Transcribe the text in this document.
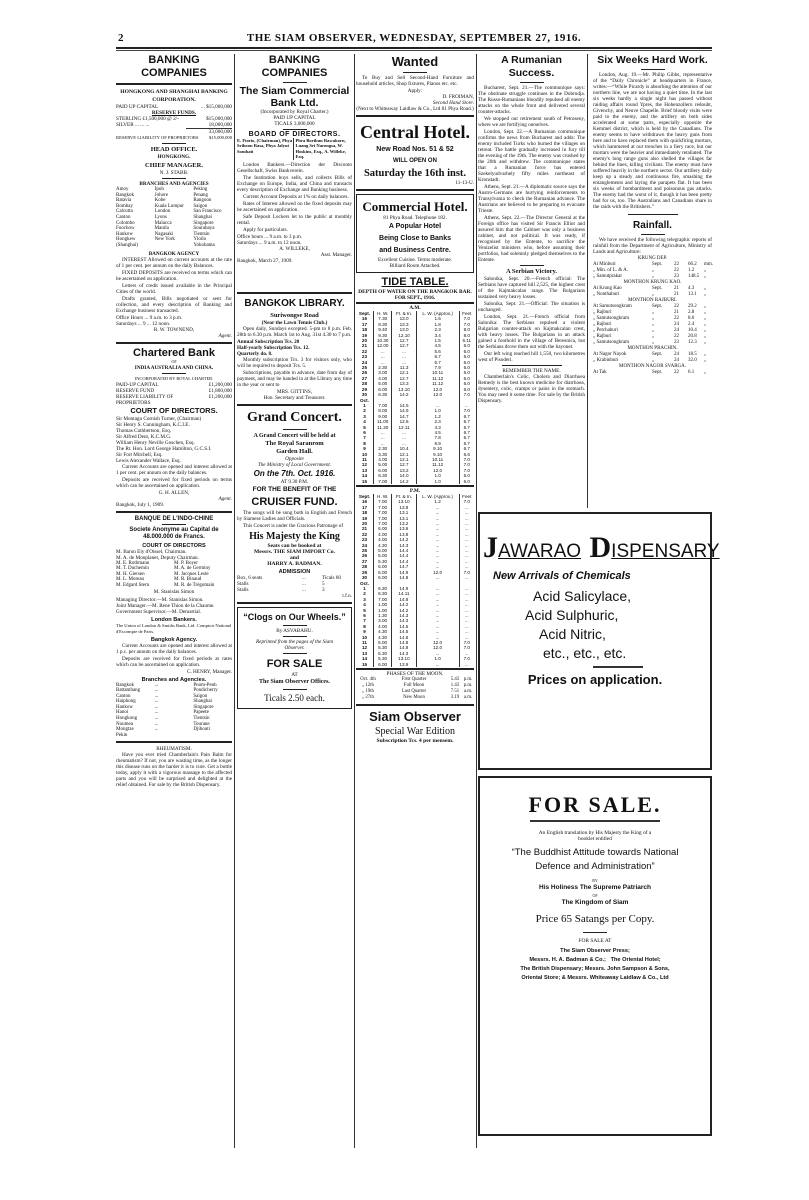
2	THE SIAM OBSERVER, WEDNESDAY, SEPTEMBER 27, 1916.
BANKING COMPANIES
HONGKONG AND SHANGHAI BANKING CORPORATION.
PAID UP CAPITAL	... $15,000,000
RESERVE FUNDS.
STERLING £1,500,000 @ 2/-	$15,000,000
SILVER ... ... ...	18,000,000
33,000,000
RESERVE LIABILITY OF PROPRIETORS $15,000,000
HEAD OFFICE.
HONGKONG.
CHIEF MANAGER.
N. J. STABB.
BRANCHES AND AGENCIES
Amoy	Ipoh	Peking
Bangkok	Johore	Penang
Batavia	Kobe	Rangoon
Bombay	Kuala Lumpur	Saigon
Calcutta	London	San Francisco
Canton	Lyons	Shanghai
Colombo	Malacca	Singapore
Foochow	Manila	Sourabaya
Hankow	Nagasaki	Tientsin
Hongkew	New York	Yloilo
(Shanghai)	Yokohama
BANGKOK AGENCY
INTEREST Allowed on current accounts at the rate of 1 per cent. per annum on the daily Balances.
FIXED DEPOSITS are received on terms which can be ascertained on application.
Letters of credit issued available in the Principal Cities of the world.
Drafts granted, Bills negotiated or sent for collection, and every description of Banking and Exchange business transacted.
Office Hours ... 9 a.m. to 3 p.m.
Saturdays ... 9 ... 12 noon.
R. W. TOWNEND,
Agent.
Chartered Bank
OF
INDIA AUSTRALIA AND CHINA.
INCORPORATED BY ROYAL CHARTER.
PAID-UP CAPITAL	£1,200,000
RESERVE FUND	£1,800,000
RESERVE LIABILITY OF PROPRIETORS
£1,200,000
COURT OF DIRECTORS.
Sir Montagu Cornish Turner, (Chairman)
Sir Henry S. Cunningham, K.C.I.E.
Thomas Cuthbertson, Esq.
Sir Alfred Dent, K.C.M.G.
William Henry Neville Goschen, Esq.
The Rt. Hon. Lord George Hamilton, G.C.S.I.
Sir Fort Mitchell, Esq.
Lewis Alexander Wallace, Esq.
Current Accounts are opened and interest allowed at 1 per cent. per annum on the daily balances.
Deposits are received for fixed periods on terms which can be ascertained on application.
G. H. ALLEN,
Agent.
Bangkok, July 1, 1909.
BANQUE DE L'INDO-CHINE
Societe Anonyme au Capital de 48.000.000 de Francs.
COURT OF DIRECTORS
M. Baron Ely d'Oissel, Chairman.
M. A. de Monplanet, Deputy Chairman.
M. E. Rothmann	M. P. Boyer
M. T. Duchemin	M. A. de Germiny
M. H. Giersen	M. Jacques Leste
M. L. Moreau	M. R. Binaud
M. Edgard Stern	M. R. de Trégomain
M. Stanislas Simon
Managing Director.—M. Stanislas Simon.
Joint Manager.—M. Rene Thion de la Chaume.
Government Supervisor.—M. Demartial.
London Bankers.
The Union of London & Smiths Bank, Ltd. Comptoir National d'Escompte de Paris.
Bangkok Agency.
Current Accounts are opened and interest allowed at 1 p.c. per annum on the daily balances.
Deposits are received for fixed periods at rates which can be ascertained on application.
C. HENRY, Manager.
Branches and Agencies.
Bangkok	...	Pnom-Penh
Battambang	...	Pondicherry
Canton	...	Saigon
Haiphong	...	Shanghai
Hankow	...	Singapore
Hanoi	...	Papeete
Hongkong	...	Tientsin
Noumea	...	Tourane
Mongtze	...	Djibouti
Pekin
RHEUMATISM.
Have you ever tried Chamberlain's Pain Balm for rheumatism? If not, you are wasting time, as the longer this disease runs on the harder it is to cure. Get a bottle today, apply it with a vigorous massage to the affected parts and you will be surprised and delighted at the relief obtained. For sale by the British Dispensary.
BANKING COMPANIES
The Siam Commercial Bank Ltd.
(Incorporated by Royal Charter.)
PAID UP CAPITAL
TICALS 3,000,000
BOARD OF DIRECTORS.
E. Fiorio, (Chairman), Phya Sriboon Rasa, Phya Jalyut Sombati
Phra Boribun Rawakorn, Luang Sri Narongsa, W. Hoskins, Esq., A. Willeke, Esq.
London Bankers.—Direction der Disconto Gesellschaft, Swiss Bankverein.
The Institution buys sells, and collects Bills of Exchange on Europe, India, and China and transacts every description of Exchange and Banking business.
Current Account Deposits at 1% on daily balances.
Rates of Interest allowed on the fixed deposits may be ascertained on application.
Safe Deposit Lockers let to the public at monthly rental.
Apply for particulars.
Office hours ... 9 a.m. to 3 p.m.
Saturdays ... 9 a.m. to 12 noon.
A. WILLEKE,
Asst. Manager.
Bangkok, March 27, 1909.
BANGKOK LIBRARY.
Suriwongse Road
(Near the Lawn Tennis Club.)
Open daily, Sundays excepted. 5-pm to 8 p.m. Feb. 28th to 6.30 p.m. March 1st to Aug. 31st 4.30 to 7 p.m.
Annual Subscription Tcs. 20
Half-yearly Subscription Tcs. 12.
Quarterly do. 8.
Monthly subscription Tcs. 3 for visitors only, who will be required to deposit Tcs. 5.
Subscriptions, payable in advance, date from day of payment, and may be handed in at the Library any time in the year or sent to
MRS. GITTINS,
Hon. Secretary and Treasurer.
Grand Concert.
A Grand Concert will be held at
The Royal Saranrom
Garden Hall.
Opposite
The Ministry of Local Government.
On the 7th. Oct. 1916.
AT 9.30 P.M.
FOR THE BENEFIT OF THE
CRUISER FUND.
The songs will be sung both in English and French by Siamese Ladies and Officials.
This Concert is under the Gracious Patronage of
His Majesty the King
Seats can be booked at
Messrs. THE SIAM IMPORT Co.
and
HARRY A. BADMAN.
ADMISSION
Box, 6 seats	...	Ticals 60
Stalls	...	5
Stalls	...	3
t.f.n.
“Clogs on Our Wheels.”
By ASVABAHU.
Reprinted from the pages of the Siam Observer.
FOR SALE
AT
The Siam Observer Offices.
Ticals 2.50 each.
Wanted
To Buy and Sell Second-Hand Furniture and household articles, Shop fixtures, Pianos etc. etc.
Apply:
D. FROIMAN,
Second Hand Store.
(Next to Whiteaway Laidlaw & Co., Ltd 81 Phya Road.)
Central Hotel.
New Road Nos. 51 & 52
WILL OPEN ON
Saturday the 16th inst.
11-13-U.
Commercial Hotel.
81 Phya Road. Telephone 182.
A Popular Hotel
Being Close to Banks
and Business Centre.
Excellent Cuisine. Terms moderate.
Billiard Room Attached.
TIDE TABLE.
DEPTH OF WATER ON THE BANGKOK BAR.
FOR SEPT., 1916.
A.M.
Sept.	H. W.	Ft. & In.	L. W. (Approx.)	Feet
16	7.30	13.0	1.5	7.0
17	8.30	13.3	1.8	7.0
18	9.40	13.0	2.3	8.0
19	9.30	12.10	3.4	8.0
20	10.30	12.7	1.5	6.11
21	12.00	12.7	4.5	6.0
22	...	...	5.6	6.0
23	...	...	6.7	6.0
24	...	...	6.7	6.0
25	2.30	11.3	7.9	6.0
26	3.00	12.1	10.11	6.0
27	4.00	12.7	11.12	6.0
28	5.00	13.3	11.12	6.0
29	6.00	13.10	12.0	6.0
30	6.30	14.2	12.0	7.0
Oct.				
1	7.00	14.5	...	...
2	8.00	14.6	1.0	7.0
3	9.00	14.7	1.2	6.7
4	11.00	12.6	2.3	6.7
5	11.30	12.11	4.3	6.7
6	...	...	4.5	6.7
7	...	...	7.8	6.7
8	...	...	8.9	6.7
9	2.30	10.4	9.10	6.7
10	3.30	12.1	9.10	6.6
11	4.00	12.1	10.11	7.0
12	5.00	12.7	11.12	7.0
13	6.00	13.2	12.0	7.0
14	6.30	14.0	1.0	6.0
15	7.00	14.2	1.0	6.0
P.M.
Sept.	H. W.	Ft. & In.	L. W. (Approx.)	Feet
16	7.00	13.10	1.2	7.0
17	7.00	13.8	...	...
18	7.00	13.1	...	...
19	7.00	13.1	...	...
20	7.00	13.2	...	...
21	6.00	13.6	...	...
22	4.00	13.8	...	...
23	4.00	14.2	...	...
24	4.30	14.3	...	...
25	5.00	14.4	...	...
26	5.00	14.4	...	...
27	5.30	14.4	...	...
28	6.00	14.7	...	...
29	6.00	14.9	12.0	7.0
30	6.00	14.8	...	...
Oct.				
1	6.30	14.9	...	...
2	6.30	14.11	...	...
3	7.00	14.8	...	...
4	1.00	14.2	...	...
5	1.00	14.2	...	...
6	1.30	14.3	...	...
7	3.00	14.3	...	...
8	4.00	14.5	...	...
9	4.30	14.5	...	...
10	4.30	14.6	...	...
11	5.00	14.8	12.0	7.0
12	5.30	14.8	12.0	7.0
13	5.30	14.3	...	...
14	5.30	13.10	1.0	7.0
15	6.00	13.9	...	...
PHASES OF THE MOON.
Oct. 4th	First Quarter	5.43 p.m.
„ 12th	Full Moon	1.43 p.m.
„ 19th	Last Quarter	7.51 a.m.
„ 27th	New Moon	3.19 a.m.
Siam Observer
Special War Edition
Subscription Tcs. 4 per mensem.
A Rumanian Success.
Bucharest, Sept. 21.—The communique says: The obstinate struggle continues in the Dobrudja. The Russo-Rumanians bloodily repulsed all enemy attacks on the whole front and delivered several counter-attacks.
We stopped our retirement south of Petroseny, where we are fortifying ourselves.
London, Sept. 22.—A Rumanian communique confirms the news from Bucharest and adds: The enemy included Turks who burned the villages on retreat. The battle gradually increased in fury till the evening of the 19th. The enemy was crushed by the 20th and withdrew. The communique states that a Rumanian force has entered Szekelyudvarhely fifty miles northeast of Kronstadt.
Athens, Sept. 21.—A diplomatic source says the Austro-Germans are hurrying reinforcements to Transylvania to check the Rumanian advance. The Austrians are believed to be preparing to evacuate Trieste.
Athens, Sept. 22.—The Director General at the Foreign office has visited Sir Francis Elliot and assured him that the Cabinet was only a business cabinet, and not political. It was ready, if recognised by the Entente, to sacrifice the Venizelist ministers who, before assuming their portfolios, had solemnly pledged themselves to the Entente.
A Serbian Victory.
Salonika, Sept. 20.—French official: The Serbians have captured hill 2,525, the highest crest of the Kajmakcalan range. The Bulgarians sustained very heavy losses.
Salonika, Sept. 21.—Official: The situation is unchanged.
London, Sept. 21.—French official from Salonika: The Serbians repulsed a violent Bulgarian counter-attack on Kajmakcalan crest, with heavy losses. The Bulgarians in an attack gained a foothold in the village of Beresnica, but the Serbians drove them out with the bayonet.
Our left wing reached hill 1,550, two kilometres west of Pisoderi.
REMEMBER THE NAME.
Chamberlain's Colic, Cholera and Diarrhoea Remedy is the best known medicine for diarrhoea, dysentery, colic, cramps or pains in the stomach. You may need it some time. For sale by the British Dispensary.
Six Weeks Hard Work.
London, Aug. 19.—Mr. Philip Gibbs, representative of the “Daily Chronicle” at headquarters in France, writes:—“While Picardy is absorbing the attention of our northern line, we are not having a quiet time. In the last six weeks hardly a single night has passed without raiding affairs round Ypres, the Hohenzollern redoubt, Givenchy, and Neuve Chapelle. Brief bloody visits were paid to the enemy, and the artillery on both sides accelerated at some parts, especially opposite the Kemmel district, which is held by the Canadians. The enemy seems to have withdrawn the heavy guns from here and to have replaced them with quickfiring mortars, which hammered at our trenches in a fiery race, but our mortars were the heavier and immediately retaliated. The enemy's long range guns also shelled the villages far behind the lines, killing civilians. The enemy must have suffered heavily in the northern sector. Our artillery daily keep up a steady and continuous fire, smashing the entanglements and laying the parapets flat. It has been six weeks of bombardment and poisonous gas attacks. The enemy had the worst of it, though it has been pretty bad for us, too. The Australians and Canadians share in the raids with the Britishers.”
Rainfall.
We have received the following telegraphic reports of rainfall from the Department of Agriculture, Ministry of Lands and Agriculture:
KRUNG DEP.
At Minburi	Sept.	22	66.2	mm.
„ Min. of L. & A.	„	22	1.2	„
„ Samutprakar	„	23	148.5 „
MONTHON KRUNG KAO.
At Krung Kao	Sept.	21	4.3	„
„ Nonthaburi	„	21	13.1	„
MONTHON RAJBURI.
At Samutsongkram	Sept.	22	29.2	„
„ Rajburi	„	21	2.8	„
„ Samutsongkram	„	22	8.6	„
„ Rajburi	„	24	2.4	„
„ Petchaburi	„	24	10.4	„
„ Rajburi	„	22	20.8	„
„ Samutsongkram	„	23	12.3	„
MONTHON PRACHIN.
At Nagor Nayok	Sept.	24	18.5	„
„ Krabinburi	„	24	32.0	„
MONTHON NAGOR SVARGA.
At Tak	Sept.	22	6.1	„
JAWARAO DISPENSARY
New Arrivals of Chemicals
Acid Salicylace,
Acid Sulphuric,
Acid Nitric,
etc., etc., etc.
Prices on application.
FOR SALE.
An English translation by His Majesty the King of a booklet entitled
“The Buddhist Attitude towards National Defence and Administration”
BY
His Holiness The Supreme Patriarch
OF
The Kingdom of Siam
Price 65 Satangs per Copy.
FOR SALE AT
The Siam Observer Press;
Messrs. H. A. Badman & Co.; The Oriental Hotel;
The British Dispensary; Messrs. John Sampson & Sons,
Oriental Store; & Messrs. Whiteaway Laidlaw & Co., Ltd
